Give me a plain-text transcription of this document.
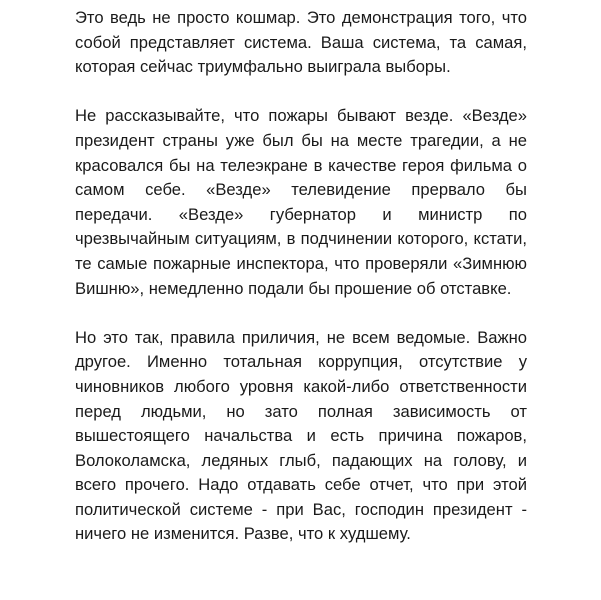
Это ведь не просто кошмар. Это демонстрация того, что собой представляет система. Ваша система, та самая, которая сейчас триумфально выиграла выборы.

Не рассказывайте, что пожары бывают везде. «Везде» президент страны уже был бы на месте трагедии, а не красовался бы на телеэкране в качестве героя фильма о самом себе. «Везде» телевидение прервало бы передачи. «Везде» губернатор и министр по чрезвычайным ситуациям, в подчинении которого, кстати, те самые пожарные инспектора, что проверяли «Зимнюю Вишню», немедленно подали бы прошение об отставке.

Но это так, правила приличия, не всем ведомые. Важно другое. Именно тотальная коррупция, отсутствие у чиновников любого уровня какой-либо ответственности перед людьми, но зато полная зависимость от вышестоящего начальства и есть причина пожаров, Волоколамска, ледяных глыб, падающих на голову, и всего прочего. Надо отдавать себе отчет, что при этой политической системе - при Вас, господин президент - ничего не изменится. Разве, что к худшему.
